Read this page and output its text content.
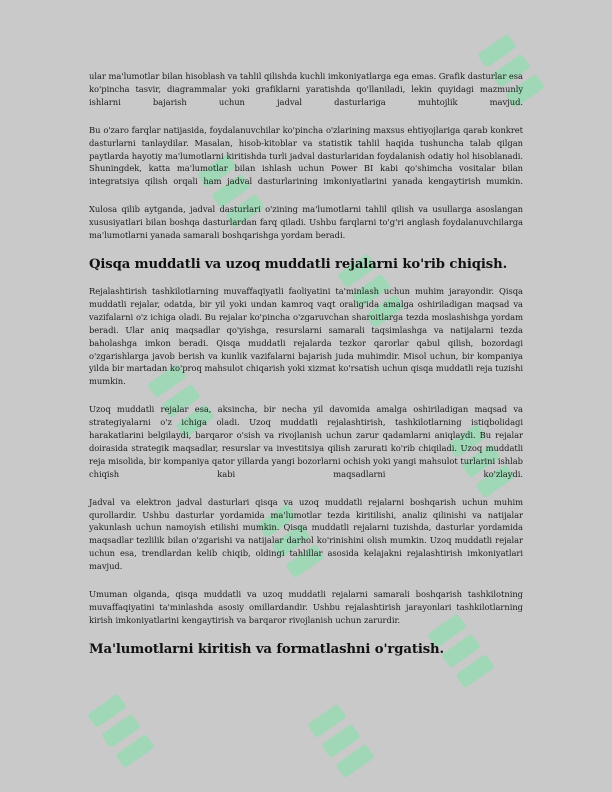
ular ma'lumotlar bilan hisoblash va tahlil qilishda kuchli imkoniyatlarga ega emas. Grafik dasturlar esa ko'pincha tasvir, diagrammalar yoki grafiklarni yaratishda qo'llaniladi, lekin quyidagi mazmunly ishlarni bajarish uchun jadval dasturlariga muhtojlik mavjud.

Bu o'zaro farqlar natijasida, foydalanuvchilar ko'pincha o'zlarining maxsus ehtiyojlariga qarab konkret dasturlarni tanlaydilar. Masalan, hisob-kitoblar va statistik tahlil haqida tushuncha talab qilgan paytlarda hayotiy ma'lumotlarni kiritishda turli jadval dasturlaridan foydalanish odatiy hol hisoblanadi. Shuningdek, katta ma'lumotlar bilan ishlash uchun Power BI kabi qo'shimcha vositalar bilan integratsiya qilish orqali ham jadval dasturlarining imkoniyatlarini yanada kengaytirish mumkin.

Xulosa qilib aytganda, jadval dasturlari o'zining ma'lumotlarni tahlil qilish va usullarga asoslangan xususiyatlari bilan boshqa dasturlardan farq qiladi. Ushbu farqlarni to'g'ri anglash foydalanuvchilarga ma'lumotlarni yanada samarali boshqarishga yordam beradi.

Qisqa muddatli va uzoq muddatli rejalarni ko'rib chiqish.

Rejalashtirish tashkilotlarning muvaffaqiyatli faoliyatini ta'minlash uchun muhim jarayondir. Qisqa muddatli rejalar, odatda, bir yil yoki undan kamroq vaqt oralig'ida amalga oshiriladigan maqsad va vazifalarni o'z ichiga oladi. Bu rejalar ko'pincha o'zgaruvchan sharoitlarga tezda moslashishga yordam beradi. Ular aniq maqsadlar qo'yishga, resurslarni samarali taqsimlashga va natijalarni tezda baholashga imkon beradi. Qisqa muddatli rejalarda tezkor qarorlar qabul qilish, bozordagi o'zgarishlarga javob berish va kunlik vazifalarni bajarish juda muhimdir. Misol uchun, bir kompaniya yilda bir martadan ko'proq mahsulot chiqarish yoki xizmat ko'rsatish uchun qisqa muddatli reja tuzishi mumkin.

Uzoq muddatli rejalar esa, aksincha, bir necha yil davomida amalga oshiriladigan maqsad va strategiyalarni o'z ichiga oladi. Uzoq muddatli rejalashtirish, tashkilotlarning istiqbolidagi harakatlarini belgilaydi, barqaror o'sish va rivojlanish uchun zarur qadamlarni aniqlaydi. Bu rejalar doirasida strategik maqsadlar, resurslar va investitsiya qilish zarurati ko'rib chiqiladi. Uzoq muddatli reja misolida, bir kompaniya qator yillarda yangi bozorlarni ochish yoki yangi mahsulot turlarini ishlab chiqish kabi maqsadlarni ko'zlaydi.

Jadval va elektron jadval dasturlari qisqa va uzoq muddatli rejalarni boshqarish uchun muhim qurollardir. Ushbu dasturlar yordamida ma'lumotlar tezda kiritilishi, analiz qilinishi va natijalar yakunlash uchun namoyish etilishi mumkin. Qisqa muddatli rejalarni tuzishda, dasturlar yordamida maqsadlar tezlilik bilan o'zgarishi va natijalar darhol ko'rinishini olish mumkin. Uzoq muddatli rejalar uchun esa, trendlardan kelib chiqib, oldingi tahlillar asosida kelajakni rejalashtirish imkoniyatlari mavjud.

Umuman olganda, qisqa muddatli va uzoq muddatli rejalarni samarali boshqarish tashkilotning muvaffaqiyatini ta'minlashda asosiy omillardandir. Ushbu rejalashtirish jarayonlari tashkilotlarning kirish imkoniyatlarini kengaytirish va barqaror rivojlanish uchun zarurdir.

Ma'lumotlarni kiritish va formatlashni o'rgatish.
